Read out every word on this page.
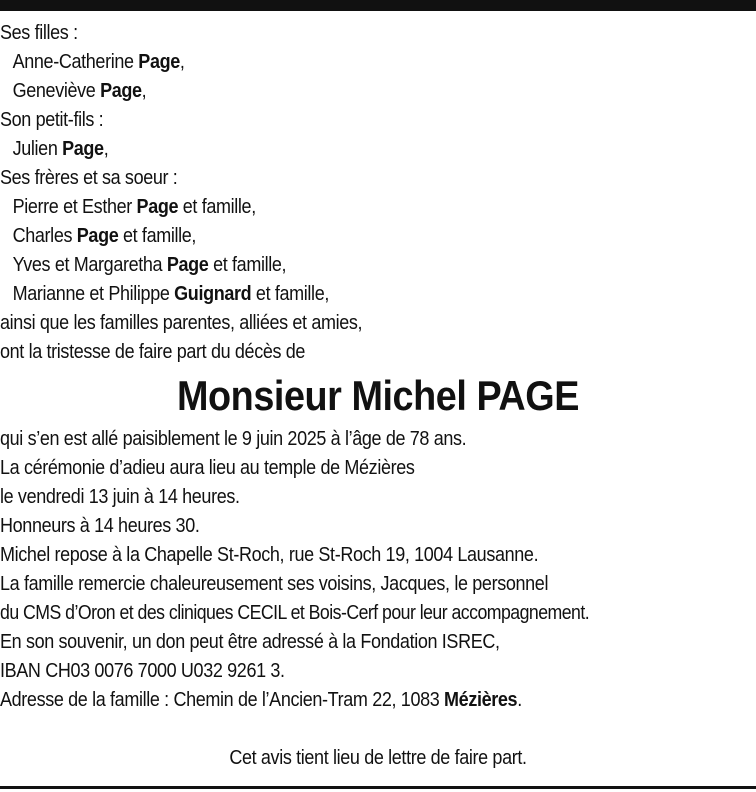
Ses filles :
Anne-Catherine Page,
Geneviève Page,
Son petit-fils :
Julien Page,
Ses frères et sa soeur :
Pierre et Esther Page et famille,
Charles Page et famille,
Yves et Margaretha Page et famille,
Marianne et Philippe Guignard et famille,
ainsi que les familles parentes, alliées et amies,
ont la tristesse de faire part du décès de
Monsieur Michel PAGE
qui s’en est allé paisiblement le 9 juin 2025 à l’âge de 78 ans.
La cérémonie d’adieu aura lieu au temple de Mézières
le vendredi 13 juin à 14 heures.
Honneurs à 14 heures 30.
Michel repose à la Chapelle St-Roch, rue St-Roch 19, 1004 Lausanne.
La famille remercie chaleureusement ses voisins, Jacques, le personnel
du CMS d’Oron et des cliniques CECIL et Bois-Cerf pour leur accompagnement.
En son souvenir, un don peut être adressé à la Fondation ISREC,
IBAN CH03 0076 7000 U032 9261 3.
Adresse de la famille : Chemin de l’Ancien-Tram 22, 1083 Mézières.
Cet avis tient lieu de lettre de faire part.
